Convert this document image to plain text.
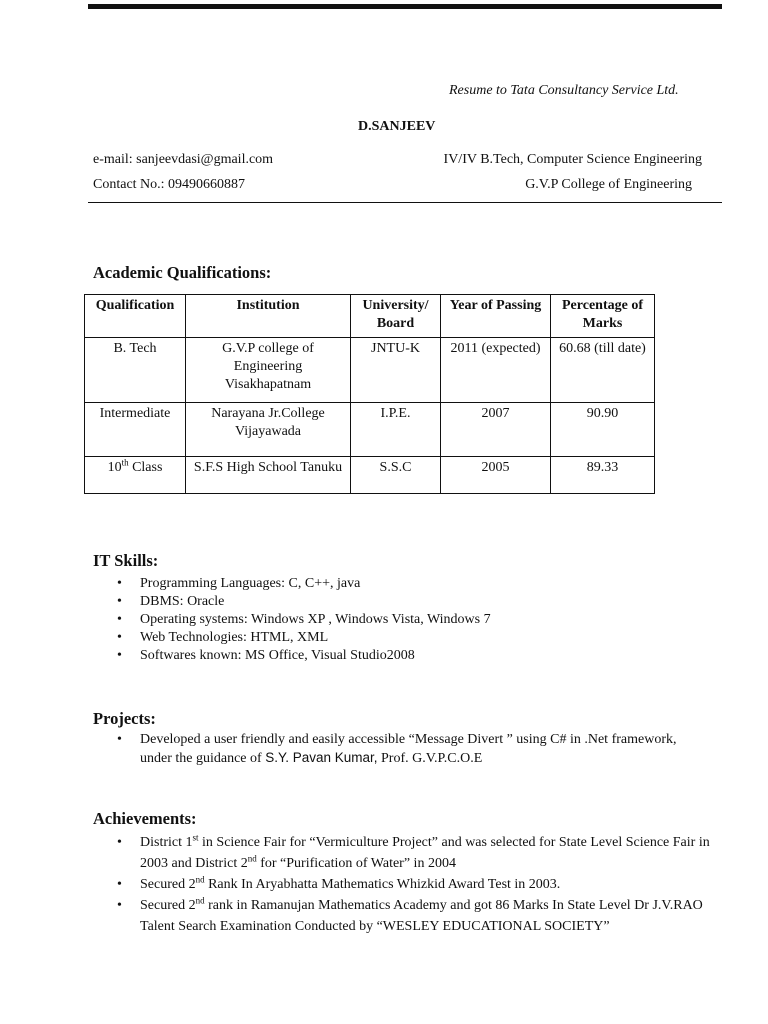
Resume to Tata Consultancy Service Ltd.
D.SANJEEV
e-mail: sanjeevdasi@gmail.com	IV/IV B.Tech, Computer Science Engineering
Contact No.: 09490660887	G.V.P College of Engineering
Academic Qualifications:
Qualification	Institution	University/ Board	Year of Passing	Percentage of Marks
B. Tech	G.V.P college of Engineering Visakhapatnam	JNTU-K	2011 (expected)	60.68 (till date)
Intermediate	Narayana Jr.College Vijayawada	I.P.E.	2007	90.90
10th Class	S.F.S High School Tanuku	S.S.C	2005	89.33
IT Skills:
• Programming Languages: C, C++, java
• DBMS: Oracle
• Operating systems: Windows XP , Windows Vista, Windows 7
• Web Technologies: HTML, XML
• Softwares known: MS Office, Visual Studio2008
Projects:
• Developed a user friendly and easily accessible “Message Divert ” using C# in .Net framework, under the guidance of S.Y. Pavan Kumar, Prof. G.V.P.C.O.E
Achievements:
• District 1st in Science Fair for “Vermiculture Project” and was selected for State Level Science Fair in 2003 and District 2nd for “Purification of Water” in 2004
• Secured 2nd Rank In Aryabhatta Mathematics Whizkid Award Test in 2003.
• Secured 2nd rank in Ramanujan Mathematics Academy and got 86 Marks In State Level Dr J.V.RAO Talent Search Examination Conducted by “WESLEY EDUCATIONAL SOCIETY”
